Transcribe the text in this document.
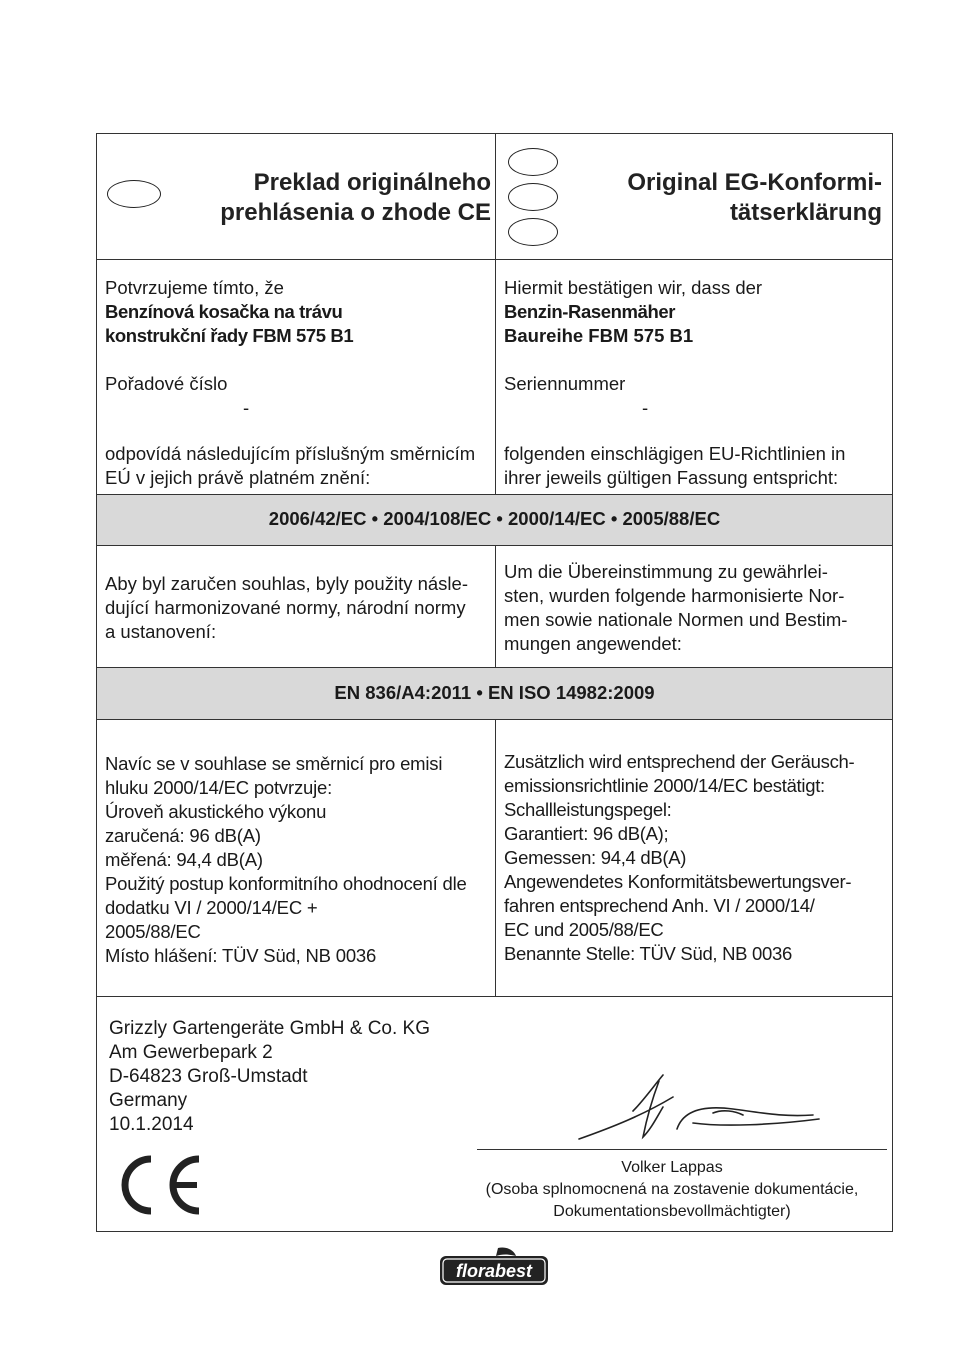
Preklad originálneho
prehlásenia o zhode CE
Original EG-Konformi-
tätserklärung
Potvrzujeme tímto, že
Benzínová kosačka na trávu
konstrukční řady FBM 575 B1
Pořadové číslo
-
odpovídá následujícím příslušným směrnicím
EÚ v jejich právě platném znění:
Hiermit bestätigen wir, dass der
Benzin-Rasenmäher
Baureihe FBM 575 B1
Seriennummer
-
folgenden einschlägigen EU-Richtlinien in
ihrer jeweils gültigen Fassung entspricht:
2006/42/EC • 2004/108/EC • 2000/14/EC • 2005/88/EC
Aby byl zaručen souhlas, byly použity násle-
dující harmonizované normy, národní normy
a ustanovení:
Um die Übereinstimmung zu gewährlei-
sten, wurden folgende harmonisierte Nor-
men sowie nationale Normen und Bestim-
mungen angewendet:
EN 836/A4:2011 • EN ISO 14982:2009
Navíc se v souhlase se směrnicí pro emisi
hluku 2000/14/EC potvrzuje:
Úroveň akustického výkonu
zaručená: 96 dB(A)
měřená: 94,4 dB(A)
Použitý postup konformitního ohodnocení dle
dodatku VI / 2000/14/EC +
2005/88/EC
Místo hlášení: TÜV Süd, NB 0036
Zusätzlich wird entsprechend der Geräusch-
emissionsrichtlinie 2000/14/EC bestätigt:
Schallleistungspegel:
Garantiert: 96 dB(A);
Gemessen: 94,4 dB(A)
Angewendetes Konformitätsbewertungsver-
fahren entsprechend Anh. VI / 2000/14/
EC und 2005/88/EC
Benannte Stelle: TÜV Süd, NB 0036
Grizzly Gartengeräte GmbH & Co. KG
Am Gewerbepark 2
D-64823 Groß-Umstadt
Germany
10.1.2014
Volker Lappas
(Osoba splnomocnená na zostavenie dokumentácie,
Dokumentationsbevollmächtigter)
florabest
